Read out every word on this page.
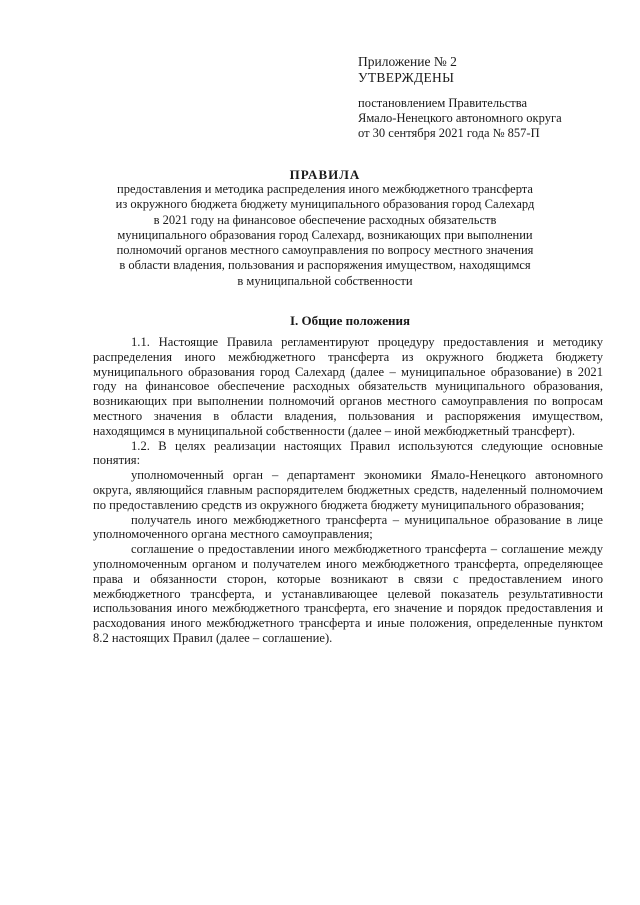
Приложение № 2
УТВЕРЖДЕНЫ
постановлением Правительства
Ямало-Ненецкого автономного округа
от 30 сентября 2021 года № 857-П
ПРАВИЛА
предоставления и методика распределения иного межбюджетного трансферта
из окружного бюджета бюджету муниципального образования город Салехард
в 2021 году на финансовое обеспечение расходных обязательств
муниципального образования город Салехард, возникающих при выполнении
полномочий органов местного самоуправления по вопросу местного значения
в области владения, пользования и распоряжения имуществом, находящимся
в муниципальной собственности
I. Общие положения

1.1. Настоящие Правила регламентируют процедуру предоставления и методику распределения иного межбюджетного трансферта из окружного бюджета бюджету муниципального образования город Салехард (далее – муниципальное образование) в 2021 году на финансовое обеспечение расходных обязательств муниципального образования, возникающих при выполнении полномочий органов местного самоуправления по вопросам местного значения в области владения, пользования и распоряжения имуществом, находящимся в муниципальной собственности (далее – иной межбюджетный трансферт).

1.2. В целях реализации настоящих Правил используются следующие основные понятия:

уполномоченный орган – департамент экономики Ямало-Ненецкого автономного округа, являющийся главным распорядителем бюджетных средств, наделенный полномочием по предоставлению средств из окружного бюджета бюджету муниципального образования;

получатель иного межбюджетного трансферта – муниципальное образование в лице уполномоченного органа местного самоуправления;

соглашение о предоставлении иного межбюджетного трансферта – соглашение между уполномоченным органом и получателем иного межбюджетного трансферта, определяющее права и обязанности сторон, которые возникают в связи с предоставлением иного межбюджетного трансферта, и устанавливающее целевой показатель результативности использования иного межбюджетного трансферта, его значение и порядок предоставления и расходования иного межбюджетного трансферта и иные положения, определенные пунктом 8.2 настоящих Правил (далее – соглашение).
